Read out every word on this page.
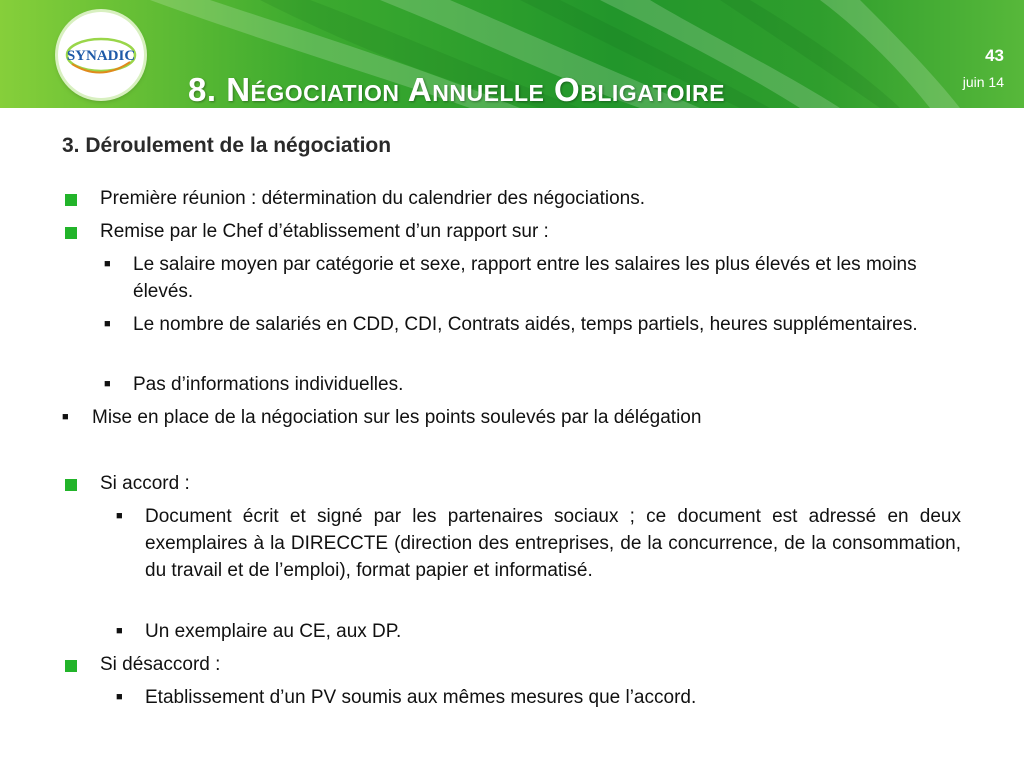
SYNADIC
8. Négociation Annuelle Obligatoire
43
juin 14
3. Déroulement de la négociation
Première réunion : détermination du calendrier des négociations.
Remise par le Chef d’établissement d’un rapport sur :
■ Le salaire moyen par catégorie et sexe, rapport entre les salaires les plus élevés et les moins élevés.
■ Le nombre de salariés en CDD, CDI, Contrats aidés, temps partiels, heures supplémentaires.
■ Pas d’informations individuelles.
■ Mise en place de la négociation sur les points soulevés par la délégation
Si accord :
■ Document écrit et signé par les partenaires sociaux ; ce document est adressé en deux exemplaires à la DIRECCTE (direction des entreprises, de la concurrence, de la consommation, du travail et de l’emploi), format papier et informatisé.
■ Un exemplaire au CE, aux DP.
Si désaccord :
■ Etablissement d’un PV soumis aux mêmes mesures que l’accord.
